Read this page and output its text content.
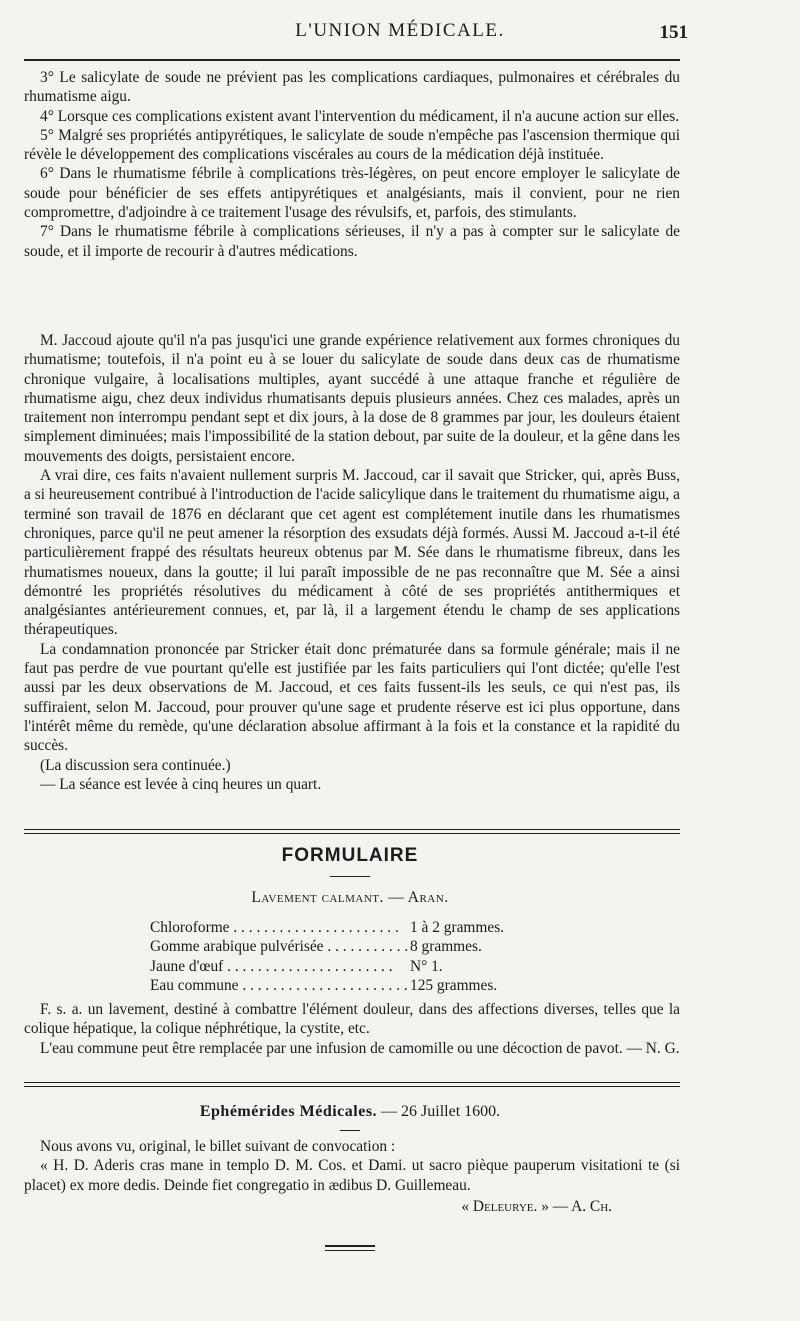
L'UNION MÉDICALE.	151

3° Le salicylate de soude ne prévient pas les complications cardiaques, pulmonaires et cérébrales du rhumatisme aigu.

4° Lorsque ces complications existent avant l'intervention du médicament, il n'a aucune action sur elles.

5° Malgré ses propriétés antipyrétiques, le salicylate de soude n'empêche pas l'ascension thermique qui révèle le développement des complications viscérales au cours de la médication déjà instituée.

6° Dans le rhumatisme fébrile à complications très-légères, on peut encore employer le salicylate de soude pour bénéficier de ses effets antipyrétiques et analgésiants, mais il convient, pour ne rien compromettre, d'adjoindre à ce traitement l'usage des révulsifs, et, parfois, des stimulants.

7° Dans le rhumatisme fébrile à complications sérieuses, il n'y a pas à compter sur le salicylate de soude, et il importe de recourir à d'autres médications.

M. Jaccoud ajoute qu'il n'a pas jusqu'ici une grande expérience relativement aux formes chroniques du rhumatisme; toutefois, il n'a point eu à se louer du salicylate de soude dans deux cas de rhumatisme chronique vulgaire, à localisations multiples, ayant succédé à une attaque franche et régulière de rhumatisme aigu, chez deux individus rhumatisants depuis plusieurs années. Chez ces malades, après un traitement non interrompu pendant sept et dix jours, à la dose de 8 grammes par jour, les douleurs étaient simplement diminuées; mais l'impossibilité de la station debout, par suite de la douleur, et la gêne dans les mouvements des doigts, persistaient encore.

A vrai dire, ces faits n'avaient nullement surpris M. Jaccoud, car il savait que Stricker, qui, après Buss, a si heureusement contribué à l'introduction de l'acide salicylique dans le traitement du rhumatisme aigu, a terminé son travail de 1876 en déclarant que cet agent est complétement inutile dans les rhumatismes chroniques, parce qu'il ne peut amener la résorption des exsudats déjà formés. Aussi M. Jaccoud a-t-il été particulièrement frappé des résultats heureux obtenus par M. Sée dans le rhumatisme fibreux, dans les rhumatismes noueux, dans la goutte; il lui paraît impossible de ne pas reconnaître que M. Sée a ainsi démontré les propriétés résolutives du médicament à côté de ses propriétés antithermiques et analgésiantes antérieurement connues, et, par là, il a largement étendu le champ de ses applications thérapeutiques.

La condamnation prononcée par Stricker était donc prématurée dans sa formule générale; mais il ne faut pas perdre de vue pourtant qu'elle est justifiée par les faits particuliers qui l'ont dictée; qu'elle l'est aussi par les deux observations de M. Jaccoud, et ces faits fussent-ils les seuls, ce qui n'est pas, ils suffiraient, selon M. Jaccoud, pour prouver qu'une sage et prudente réserve est ici plus opportune, dans l'intérêt même du remède, qu'une déclaration absolue affirmant à la fois et la constance et la rapidité du succès.

(La discussion sera continuée.)

— La séance est levée à cinq heures un quart.

FORMULAIRE
Lavement calmant. — Aran.
Chloroforme . . .	1 à 2 grammes.
Gomme arabique pulvérisée . . .	8 grammes.
Jaune d'œuf . . .	N° 1.
Eau commune . . .	125 grammes.

F. s. a. un lavement, destiné à combattre l'élément douleur, dans des affections diverses, telles que la colique hépatique, la colique néphrétique, la cystite, etc.

L'eau commune peut être remplacée par une infusion de camomille ou une décoction de pavot. — N. G.

Ephémérides Médicales. — 26 Juillet 1600.

Nous avons vu, original, le billet suivant de convocation :

« H. D. Aderis cras mane in templo D. M. Cos. et Dami. ut sacro pièque pauperum visitationi te (si placet) ex more dedis. Deinde fiet congregatio in ædibus D. Guillemeau.

« Deleurye. » — A. Ch.
